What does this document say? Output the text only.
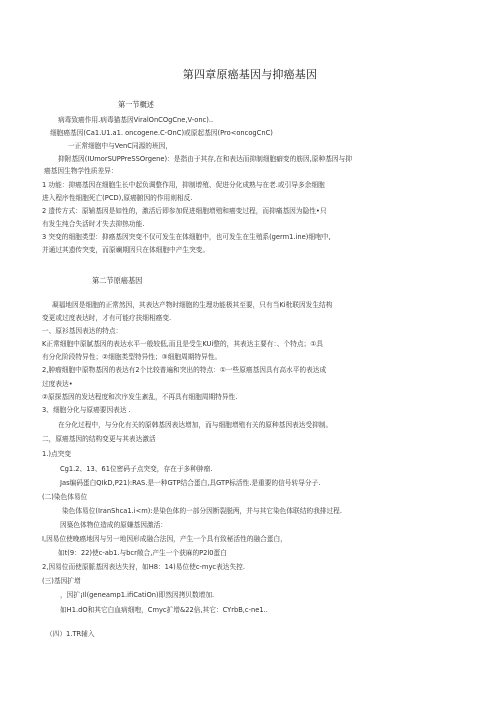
第四章原癌基因与抑癌基因
第一节概述
病毒致癌作用.病毒猫基因ViralOnCOgCne,V-onc)..
细胞癌基因(Ca1.U1.a1. oncogene.C-OnC)或原起基因(Pro<oncogCnC)
一正常细胞中与VenC同源的班因，
抑附基因(IUmorSUPPreSSOrgene)：是指由于其存,在和表达而抑制细胞癖变的筋因,原种基因与抑
癌基因生物学性质差异：
1 功能：抑癌基因在细胞生长中起负调整作用，抑制增殖、促进分化成熟与在老.或引导多余细胞
进入程序性细胞死亡(PCD),原癌腑因的作用则相反.
2 遗传方式：原辅基因是如性的，激活后即参加促进细胞增殖和癌变过程，而抑痛基因为隐性•只
有发生纯合失活时才失去抑热功能.
3 突变的细胞类型：抑癌基因突变不仅可发生在体细胞中，也可发生在生殖系(germ1.ine)细咆中,
并通过其遗传突变，而原斓期因只在体细胞中产生突变。
第二节原癌基因
凝福地因是细胞的正常然因，其表达产物时细胞的生理功能极其至要，只有当Ki枇联因发生结构
变更或过度表达时，才有可能疗扶细相癌变.
一、原衫基因表达的特点：
K正常细胞中原腻基因的表达水平一般较低,而且是受生KUi整的，其表达主要有：、个特点；①具
有分化阶段特异性；②细胞类型特异性；③细胞周期特异性。
2,肿瘤细胞中原物基因的表达有2个比较普遍和突出的特点：①一些原癌基因具有高水平的表达成
过度表达•
②原探基因的发达程度和次序发生紊乱，不再具有细胞周期特异性.
3、细胞分化与原癌要因表达 .
在分化过程中，与分化有关的原韩基因表达增加，而与细胞增殖有关的原种基因表达受抑制。
二，原癌基因的结构变更与其表达激活
1.)点突变
Cg1.2、13、61位密码子点突变，存在于多种肿瘤.
Jas编码蛋白QIkD,P21):RAS.是一种GTP结合蛋白,具GTP标活性.是重要的信号转导分子.
(二)染色体易位
染色体易位(IranShca1.i<m):是染色体的一部分因断裂脱两，并与其它染色体联结的我排过程.
因築色体物位造成的原嫌基因激活：
I,因易位使晚癌地因与另一地因形成融合法因，产生一个具有致秘活性的融合蛋白，
如t(9：22)使c-ab1.与bcr敞合,产生一个获麻的P2l0蛋白
2,因易位而使原脈基因表达失狩，如H8：14)易位使c-myc表达失控.
(三)基因扩增
，因扩¡Il(geneamp1.ifiCatiOn)即然因拷贝数增加.
如H1.dO和其它白血病细咆，Cmyc扩增&22倍,其它：CYrbB,c-ne1..
（四）1.TR辅入
